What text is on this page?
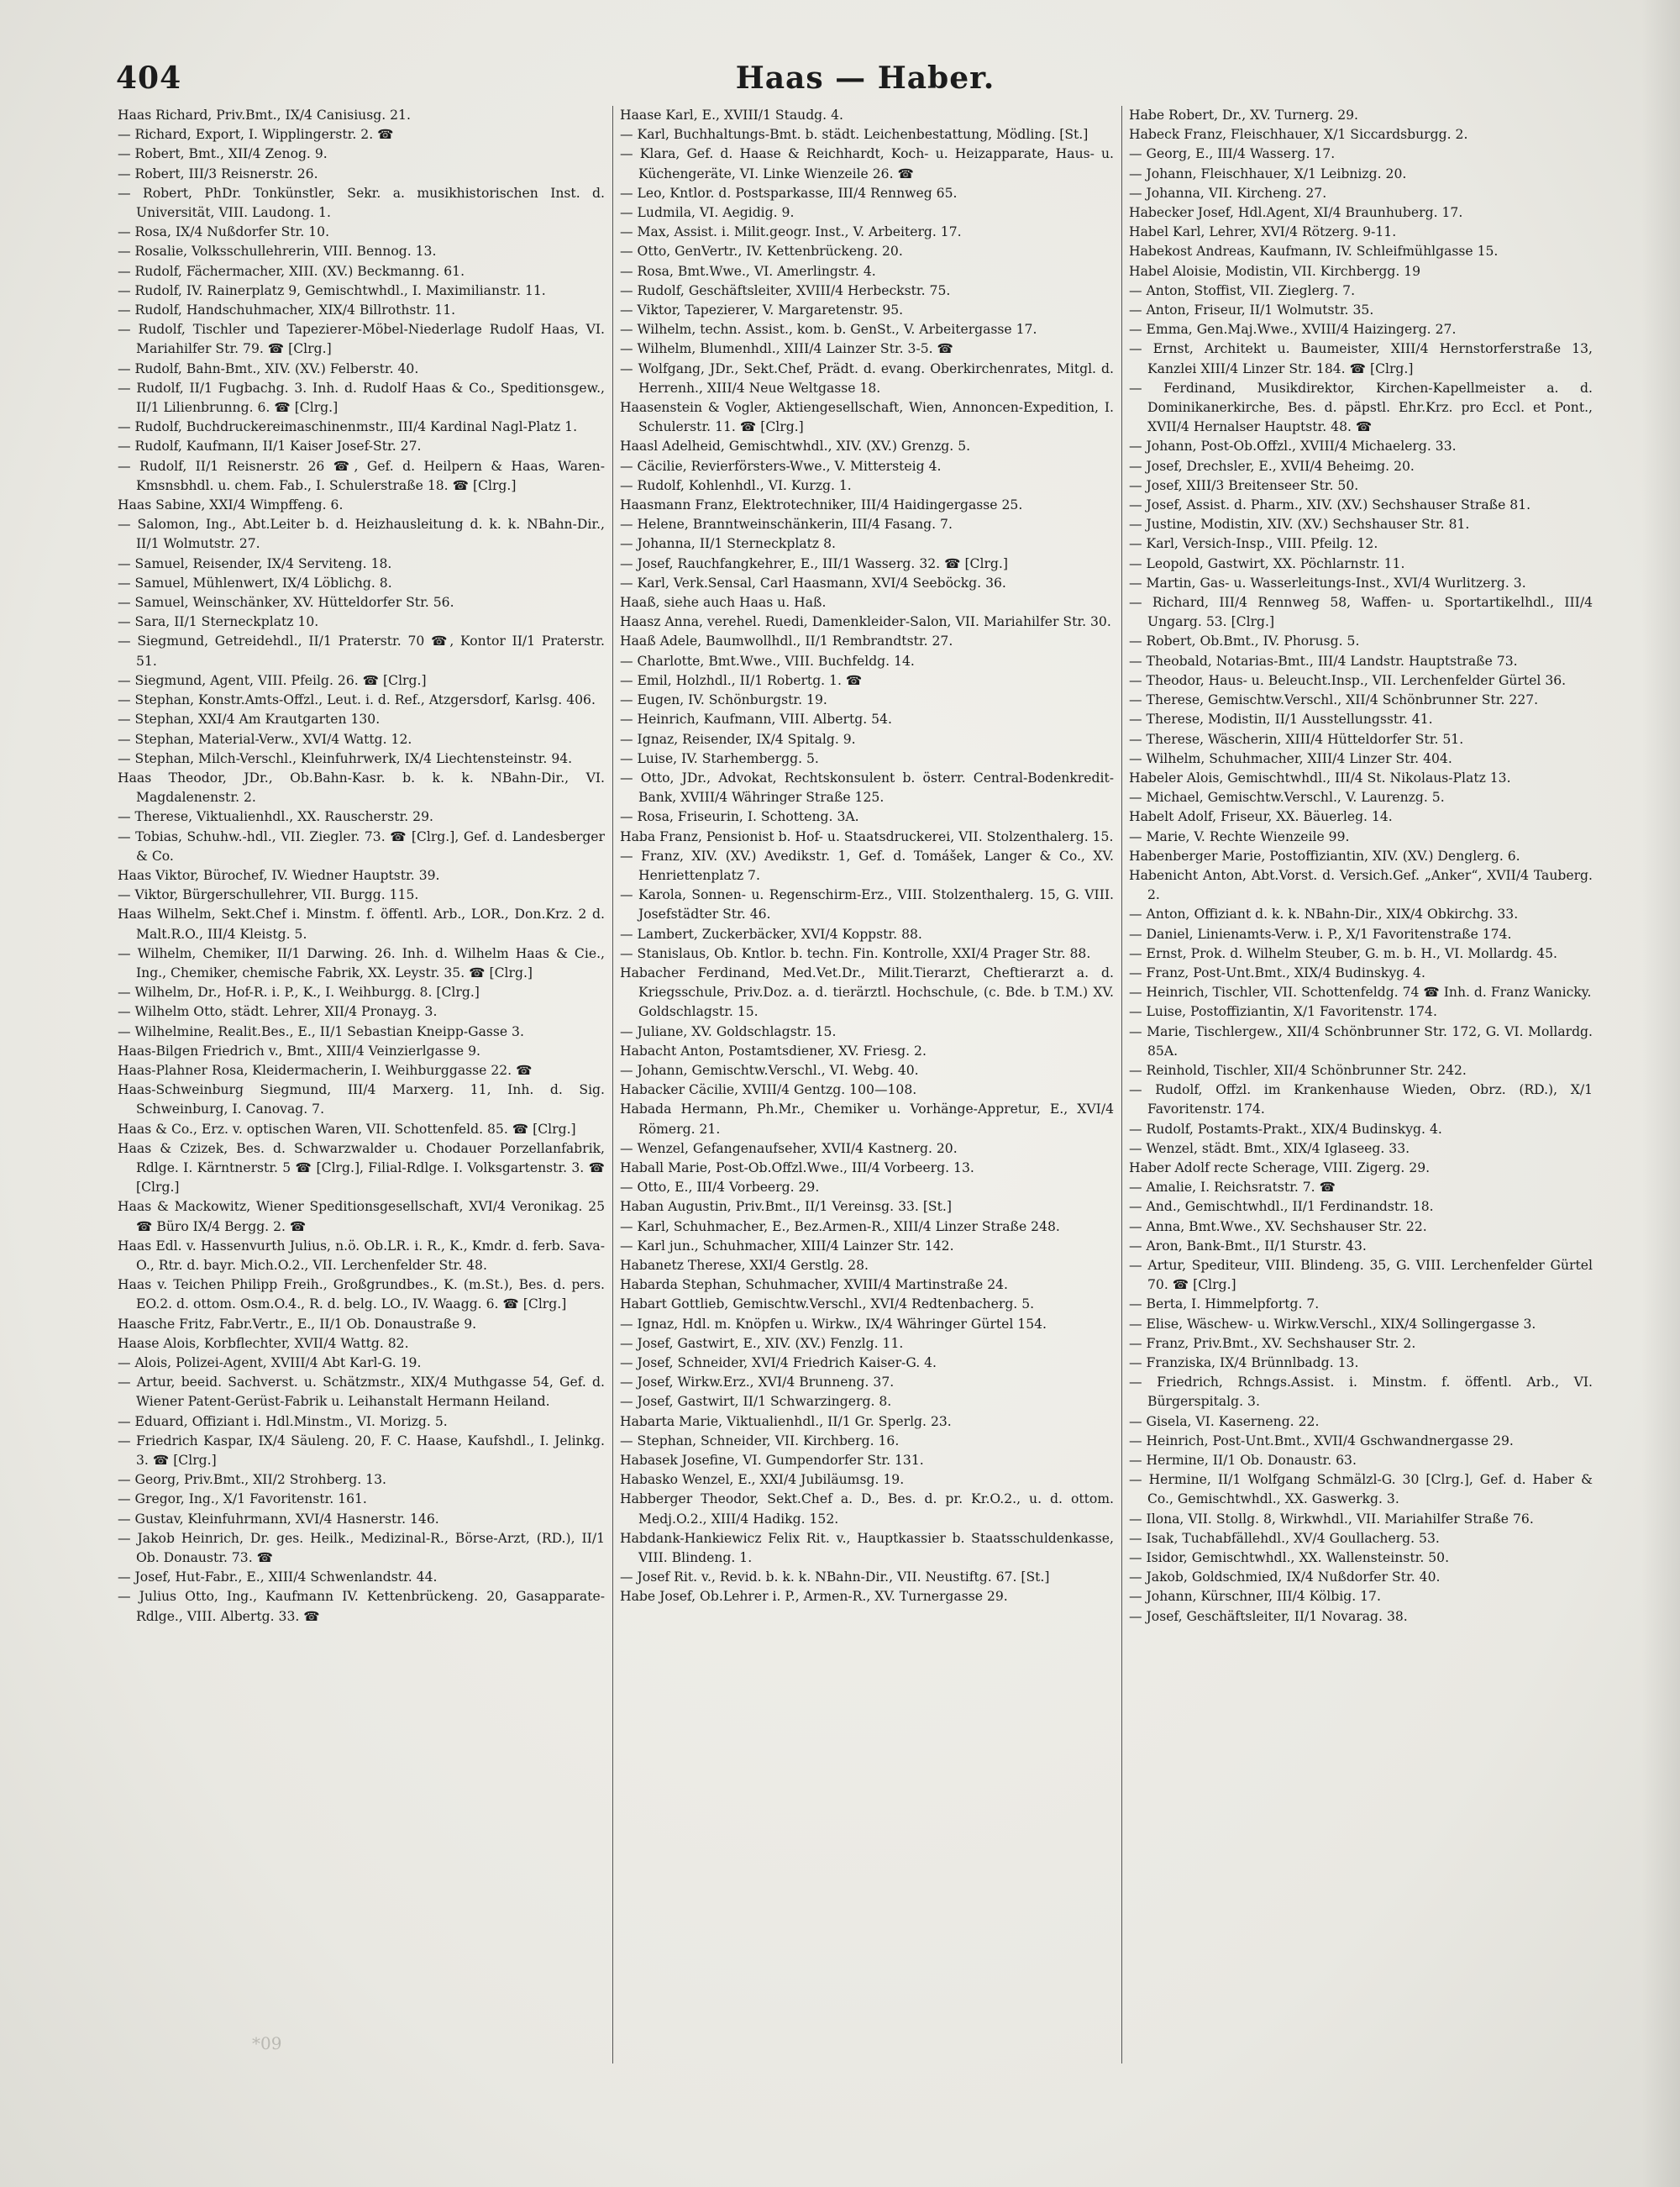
404	Haas — Haber.

Haas Richard, Priv.Bmt., IX/4 Canisiusg. 21.

— Richard, Export, I. Wipplingerstr. 2. ☎

— Robert, Bmt., XII/4 Zenog. 9.

— Robert, III/3 Reisnerstr. 26.

— Robert, PhDr. Tonkünstler, Sekr. a. musikhistorischen Inst. d. Universität, VIII. Laudong. 1.

— Rosa, IX/4 Nußdorfer Str. 10.

— Rosalie, Volksschullehrerin, VIII. Bennog. 13.

— Rudolf, Fächermacher, XIII. (XV.) Beckmanng. 61.

— Rudolf, IV. Rainerplatz 9, Gemischtwhdl., I. Maximilianstr. 11.

— Rudolf, Handschuhmacher, XIX/4 Billrothstr. 11.

— Rudolf, Tischler und Tapezierer-Möbel-Niederlage Rudolf Haas, VI. Mariahilfer Str. 79. ☎ [Clrg.]

— Rudolf, Bahn-Bmt., XIV. (XV.) Felberstr. 40.

— Rudolf, II/1 Fugbachg. 3. Inh. d. Rudolf Haas & Co., Speditionsgew., II/1 Lilienbrunng. 6. ☎ [Clrg.]

— Rudolf, Buchdruckereimaschinenmstr., III/4 Kardinal Nagl-Platz 1.

— Rudolf, Kaufmann, II/1 Kaiser Josef-Str. 27.

— Rudolf, II/1 Reisnerstr. 26 ☎, Gef. d. Heilpern & Haas, Waren-Kmsnsbhdl. u. chem. Fab., I. Schulerstraße 18. ☎ [Clrg.]

Haas Sabine, XXI/4 Wimpffeng. 6.

— Salomon, Ing., Abt.Leiter b. d. Heizhausleitung d. k. k. NBahn-Dir., II/1 Wolmutstr. 27.

— Samuel, Reisender, IX/4 Serviteng. 18.

— Samuel, Mühlenwert, IX/4 Löblichg. 8.

— Samuel, Weinschänker, XV. Hütteldorfer Str. 56.

— Sara, II/1 Sterneckplatz 10.

— Siegmund, Getreidehdl., II/1 Praterstr. 70 ☎, Kontor II/1 Praterstr. 51.

— Siegmund, Agent, VIII. Pfeilg. 26. ☎ [Clrg.]

— Stephan, Konstr.Amts-Offzl., Leut. i. d. Ref., Atzgersdorf, Karlsg. 406.

— Stephan, XXI/4 Am Krautgarten 130.

— Stephan, Material-Verw., XVI/4 Wattg. 12.

— Stephan, Milch-Verschl., Kleinfuhrwerk, IX/4 Liechtensteinstr. 94.

Haas Theodor, JDr., Ob.Bahn-Kasr. b. k. k. NBahn-Dir., VI. Magdalenenstr. 2.

— Therese, Viktualienhdl., XX. Rauscherstr. 29.

— Tobias, Schuhw.-hdl., VII. Ziegler. 73. ☎ [Clrg.], Gef. d. Landesberger & Co.

Haas Viktor, Bürochef, IV. Wiedner Hauptstr. 39.

— Viktor, Bürgerschullehrer, VII. Burgg. 115.

Haas Wilhelm, Sekt.Chef i. Minstm. f. öffentl. Arb., LOR., Don.Krz. 2 d. Malt.R.O., III/4 Kleistg. 5.

— Wilhelm, Chemiker, II/1 Darwing. 26. Inh. d. Wilhelm Haas & Cie., Ing., Chemiker, chemische Fabrik, XX. Leystr. 35. ☎ [Clrg.]

— Wilhelm, Dr., Hof-R. i. P., K., I. Weihburgg. 8. [Clrg.]

— Wilhelm Otto, städt. Lehrer, XII/4 Pronayg. 3.

— Wilhelmine, Realit.Bes., E., II/1 Sebastian Kneipp-Gasse 3.

Haas-Bilgen Friedrich v., Bmt., XIII/4 Veinzierlgasse 9.

Haas-Plahner Rosa, Kleidermacherin, I. Weihburggasse 22. ☎

Haas-Schweinburg Siegmund, III/4 Marxerg. 11, Inh. d. Sig. Schweinburg, I. Canovag. 7.

Haas & Co., Erz. v. optischen Waren, VII. Schottenfeld. 85. ☎ [Clrg.]

Haas & Czizek, Bes. d. Schwarzwalder u. Chodauer Porzellanfabrik, Rdlge. I. Kärntnerstr. 5 ☎ [Clrg.], Filial-Rdlge. I. Volksgartenstr. 3. ☎ [Clrg.]

Haas & Mackowitz, Wiener Speditionsgesellschaft, XVI/4 Veronikag. 25 ☎ Büro IX/4 Bergg. 2. ☎

Haas Edl. v. Hassenvurth Julius, n.ö. Ob.LR. i. R., K., Kmdr. d. ferb. Sava-O., Rtr. d. bayr. Mich.O.2., VII. Lerchenfelder Str. 48.

Haas v. Teichen Philipp Freih., Großgrundbes., K. (m.St.), Bes. d. pers. EO.2. d. ottom. Osm.O.4., R. d. belg. LO., IV. Waagg. 6. ☎ [Clrg.]

Haasche Fritz, Fabr.Vertr., E., II/1 Ob. Donaustraße 9.

Haase Alois, Korbflechter, XVII/4 Wattg. 82.

— Alois, Polizei-Agent, XVIII/4 Abt Karl-G. 19.

— Artur, beeid. Sachverst. u. Schätzmstr., XIX/4 Muthgasse 54, Gef. d. Wiener Patent-Gerüst-Fabrik u. Leihanstalt Hermann Heiland.

— Eduard, Offiziant i. Hdl.Minstm., VI. Morizg. 5.

— Friedrich Kaspar, IX/4 Säuleng. 20, F. C. Haase, Kaufshdl., I. Jelinkg. 3. ☎ [Clrg.]

— Georg, Priv.Bmt., XII/2 Strohberg. 13.

— Gregor, Ing., X/1 Favoritenstr. 161.

— Gustav, Kleinfuhrmann, XVI/4 Hasnerstr. 146.

— Jakob Heinrich, Dr. ges. Heilk., Medizinal-R., Börse-Arzt, (RD.), II/1 Ob. Donaustr. 73. ☎

— Josef, Hut-Fabr., E., XIII/4 Schwenlandstr. 44.

— Julius Otto, Ing., Kaufmann IV. Kettenbrückeng. 20, Gasapparate-Rdlge., VIII. Albertg. 33. ☎

Haase Karl, E., XVIII/1 Staudg. 4.

— Karl, Buchhaltungs-Bmt. b. städt. Leichenbestattung, Mödling. [St.]

— Klara, Gef. d. Haase & Reichhardt, Koch- u. Heizapparate, Haus- u. Küchengeräte, VI. Linke Wienzeile 26. ☎

— Leo, Kntlor. d. Postsparkasse, III/4 Rennweg 65.

— Ludmila, VI. Aegidig. 9.

— Max, Assist. i. Milit.geogr. Inst., V. Arbeiterg. 17.

— Otto, GenVertr., IV. Kettenbrückeng. 20.

— Rosa, Bmt.Wwe., VI. Amerlingstr. 4.

— Rudolf, Geschäftsleiter, XVIII/4 Herbeckstr. 75.

— Viktor, Tapezierer, V. Margaretenstr. 95.

— Wilhelm, techn. Assist., kom. b. GenSt., V. Arbeitergasse 17.

— Wilhelm, Blumenhdl., XIII/4 Lainzer Str. 3-5. ☎

— Wolfgang, JDr., Sekt.Chef, Prädt. d. evang. Oberkirchenrates, Mitgl. d. Herrenh., XIII/4 Neue Weltgasse 18.

Haasenstein & Vogler, Aktiengesellschaft, Wien, Annoncen-Expedition, I. Schulerstr. 11. ☎ [Clrg.]

Haasl Adelheid, Gemischtwhdl., XIV. (XV.) Grenzg. 5.

— Cäcilie, Revierförsters-Wwe., V. Mittersteig 4.

— Rudolf, Kohlenhdl., VI. Kurzg. 1.

Haasmann Franz, Elektrotechniker, III/4 Haidingergasse 25.

— Helene, Branntweinschänkerin, III/4 Fasang. 7.

— Johanna, II/1 Sterneckplatz 8.

— Josef, Rauchfangkehrer, E., III/1 Wasserg. 32. ☎ [Clrg.]

— Karl, Verk.Sensal, Carl Haasmann, XVI/4 Seeböckg. 36.

Haaß, siehe auch Haas u. Haß.

Haasz Anna, verehel. Ruedi, Damenkleider-Salon, VII. Mariahilfer Str. 30.

Haaß Adele, Baumwollhdl., II/1 Rembrandtstr. 27.

— Charlotte, Bmt.Wwe., VIII. Buchfeldg. 14.

— Emil, Holzhdl., II/1 Robertg. 1. ☎

— Eugen, IV. Schönburgstr. 19.

— Heinrich, Kaufmann, VIII. Albertg. 54.

— Ignaz, Reisender, IX/4 Spitalg. 9.

— Luise, IV. Starhembergg. 5.

— Otto, JDr., Advokat, Rechtskonsulent b. österr. Central-Bodenkredit-Bank, XVIII/4 Währinger Straße 125.

— Rosa, Friseurin, I. Schotteng. 3A.

Haba Franz, Pensionist b. Hof- u. Staatsdruckerei, VII. Stolzenthalerg. 15.

— Franz, XIV. (XV.) Avedikstr. 1, Gef. d. Tomášek, Langer & Co., XV. Henriettenplatz 7.

— Karola, Sonnen- u. Regenschirm-Erz., VIII. Stolzenthalerg. 15, G. VIII. Josefstädter Str. 46.

— Lambert, Zuckerbäcker, XVI/4 Koppstr. 88.

— Stanislaus, Ob. Kntlor. b. techn. Fin. Kontrolle, XXI/4 Prager Str. 88.

Habacher Ferdinand, Med.Vet.Dr., Milit.Tierarzt, Cheftierarzt a. d. Kriegsschule, Priv.Doz. a. d. tierärztl. Hochschule, (c. Bde. b T.M.) XV. Goldschlagstr. 15.

— Juliane, XV. Goldschlagstr. 15.

Habacht Anton, Postamtsdiener, XV. Friesg. 2.

— Johann, Gemischtw.Verschl., VI. Webg. 40.

Habacker Cäcilie, XVIII/4 Gentzg. 100—108.

Habada Hermann, Ph.Mr., Chemiker u. Vorhänge-Appretur, E., XVI/4 Römerg. 21.

— Wenzel, Gefangenaufseher, XVII/4 Kastnerg. 20.

Haball Marie, Post-Ob.Offzl.Wwe., III/4 Vorbeerg. 13.

— Otto, E., III/4 Vorbeerg. 29.

Haban Augustin, Priv.Bmt., II/1 Vereinsg. 33. [St.]

— Karl, Schuhmacher, E., Bez.Armen-R., XIII/4 Linzer Straße 248.

— Karl jun., Schuhmacher, XIII/4 Lainzer Str. 142.

Habanetz Therese, XXI/4 Gerstlg. 28.

Habarda Stephan, Schuhmacher, XVIII/4 Martinstraße 24.

Habart Gottlieb, Gemischtw.Verschl., XVI/4 Redtenbacherg. 5.

— Ignaz, Hdl. m. Knöpfen u. Wirkw., IX/4 Währinger Gürtel 154.

— Josef, Gastwirt, E., XIV. (XV.) Fenzlg. 11.

— Josef, Schneider, XVI/4 Friedrich Kaiser-G. 4.

— Josef, Wirkw.Erz., XVI/4 Brunneng. 37.

— Josef, Gastwirt, II/1 Schwarzingerg. 8.

Habarta Marie, Viktualienhdl., II/1 Gr. Sperlg. 23.

— Stephan, Schneider, VII. Kirchberg. 16.

Habasek Josefine, VI. Gumpendorfer Str. 131.

Habasko Wenzel, E., XXI/4 Jubiläumsg. 19.

Habberger Theodor, Sekt.Chef a. D., Bes. d. pr. Kr.O.2., u. d. ottom. Medj.O.2., XIII/4 Hadikg. 152.

Habdank-Hankiewicz Felix Rit. v., Hauptkassier b. Staatsschuldenkasse, VIII. Blindeng. 1.

— Josef Rit. v., Revid. b. k. k. NBahn-Dir., VII. Neustiftg. 67. [St.]

Habe Josef, Ob.Lehrer i. P., Armen-R., XV. Turnergasse 29.

Habe Robert, Dr., XV. Turnerg. 29.

Habeck Franz, Fleischhauer, X/1 Siccardsburgg. 2.

— Georg, E., III/4 Wasserg. 17.

— Johann, Fleischhauer, X/1 Leibnizg. 20.

— Johanna, VII. Kircheng. 27.

Habecker Josef, Hdl.Agent, XI/4 Braunhuberg. 17.

Habel Karl, Lehrer, XVI/4 Rötzerg. 9-11.

Habekost Andreas, Kaufmann, IV. Schleifmühlgasse 15.

Habel Aloisie, Modistin, VII. Kirchbergg. 19

— Anton, Stoffist, VII. Zieglerg. 7.

— Anton, Friseur, II/1 Wolmutstr. 35.

— Emma, Gen.Maj.Wwe., XVIII/4 Haizingerg. 27.

— Ernst, Architekt u. Baumeister, XIII/4 Hernstorferstraße 13, Kanzlei XIII/4 Linzer Str. 184. ☎ [Clrg.]

— Ferdinand, Musikdirektor, Kirchen-Kapellmeister a. d. Dominikanerkirche, Bes. d. päpstl. Ehr.Krz. pro Eccl. et Pont., XVII/4 Hernalser Hauptstr. 48. ☎

— Johann, Post-Ob.Offzl., XVIII/4 Michaelerg. 33.

— Josef, Drechsler, E., XVII/4 Beheimg. 20.

— Josef, XIII/3 Breitenseer Str. 50.

— Josef, Assist. d. Pharm., XIV. (XV.) Sechshauser Straße 81.

— Justine, Modistin, XIV. (XV.) Sechshauser Str. 81.

— Karl, Versich-Insp., VIII. Pfeilg. 12.

— Leopold, Gastwirt, XX. Pöchlarnstr. 11.

— Martin, Gas- u. Wasserleitungs-Inst., XVI/4 Wurlitzerg. 3.

— Richard, III/4 Rennweg 58, Waffen- u. Sportartikelhdl., III/4 Ungarg. 53. [Clrg.]

— Robert, Ob.Bmt., IV. Phorusg. 5.

— Theobald, Notarias-Bmt., III/4 Landstr. Hauptstraße 73.

— Theodor, Haus- u. Beleucht.Insp., VII. Lerchenfelder Gürtel 36.

— Therese, Gemischtw.Verschl., XII/4 Schönbrunner Str. 227.

— Therese, Modistin, II/1 Ausstellungsstr. 41.

— Therese, Wäscherin, XIII/4 Hütteldorfer Str. 51.

— Wilhelm, Schuhmacher, XIII/4 Linzer Str. 404.

Habeler Alois, Gemischtwhdl., III/4 St. Nikolaus-Platz 13.

— Michael, Gemischtw.Verschl., V. Laurenzg. 5.

Habelt Adolf, Friseur, XX. Bäuerleg. 14.

— Marie, V. Rechte Wienzeile 99.

Habenberger Marie, Postoffiziantin, XIV. (XV.) Denglerg. 6.

Habenicht Anton, Abt.Vorst. d. Versich.Gef. „Anker“, XVII/4 Tauberg. 2.

— Anton, Offiziant d. k. k. NBahn-Dir., XIX/4 Obkirchg. 33.

— Daniel, Linienamts-Verw. i. P., X/1 Favoritenstraße 174.

— Ernst, Prok. d. Wilhelm Steuber, G. m. b. H., VI. Mollardg. 45.

— Franz, Post-Unt.Bmt., XIX/4 Budinskyg. 4.

— Heinrich, Tischler, VII. Schottenfeldg. 74 ☎ Inh. d. Franz Wanicky.

— Luise, Postoffiziantin, X/1 Favoritenstr. 174.

— Marie, Tischlergew., XII/4 Schönbrunner Str. 172, G. VI. Mollardg. 85A.

— Reinhold, Tischler, XII/4 Schönbrunner Str. 242.

— Rudolf, Offzl. im Krankenhause Wieden, Obrz. (RD.), X/1 Favoritenstr. 174.

— Rudolf, Postamts-Prakt., XIX/4 Budinskyg. 4.

— Wenzel, städt. Bmt., XIX/4 Iglaseeg. 33.

Haber Adolf recte Scherage, VIII. Zigerg. 29.

— Amalie, I. Reichsratstr. 7. ☎

— And., Gemischtwhdl., II/1 Ferdinandstr. 18.

— Anna, Bmt.Wwe., XV. Sechshauser Str. 22.

— Aron, Bank-Bmt., II/1 Sturstr. 43.

— Artur, Spediteur, VIII. Blindeng. 35, G. VIII. Lerchenfelder Gürtel 70. ☎ [Clrg.]

— Berta, I. Himmelpfortg. 7.

— Elise, Wäschew- u. Wirkw.Verschl., XIX/4 Sollingergasse 3.

— Franz, Priv.Bmt., XV. Sechshauser Str. 2.

— Franziska, IX/4 Brünnlbadg. 13.

— Friedrich, Rchngs.Assist. i. Minstm. f. öffentl. Arb., VI. Bürgerspitalg. 3.

— Gisela, VI. Kaserneng. 22.

— Heinrich, Post-Unt.Bmt., XVII/4 Gschwandnergasse 29.

— Hermine, II/1 Ob. Donaustr. 63.

— Hermine, II/1 Wolfgang Schmälzl-G. 30 [Clrg.], Gef. d. Haber & Co., Gemischtwhdl., XX. Gaswerkg. 3.

— Ilona, VII. Stollg. 8, Wirkwhdl., VII. Mariahilfer Straße 76.

— Isak, Tuchabfällehdl., XV/4 Goullacherg. 53.

— Isidor, Gemischtwhdl., XX. Wallensteinstr. 50.

— Jakob, Goldschmied, IX/4 Nußdorfer Str. 40.

— Johann, Kürschner, III/4 Kölbig. 17.

— Josef, Geschäftsleiter, II/1 Novarag. 38.

*09
